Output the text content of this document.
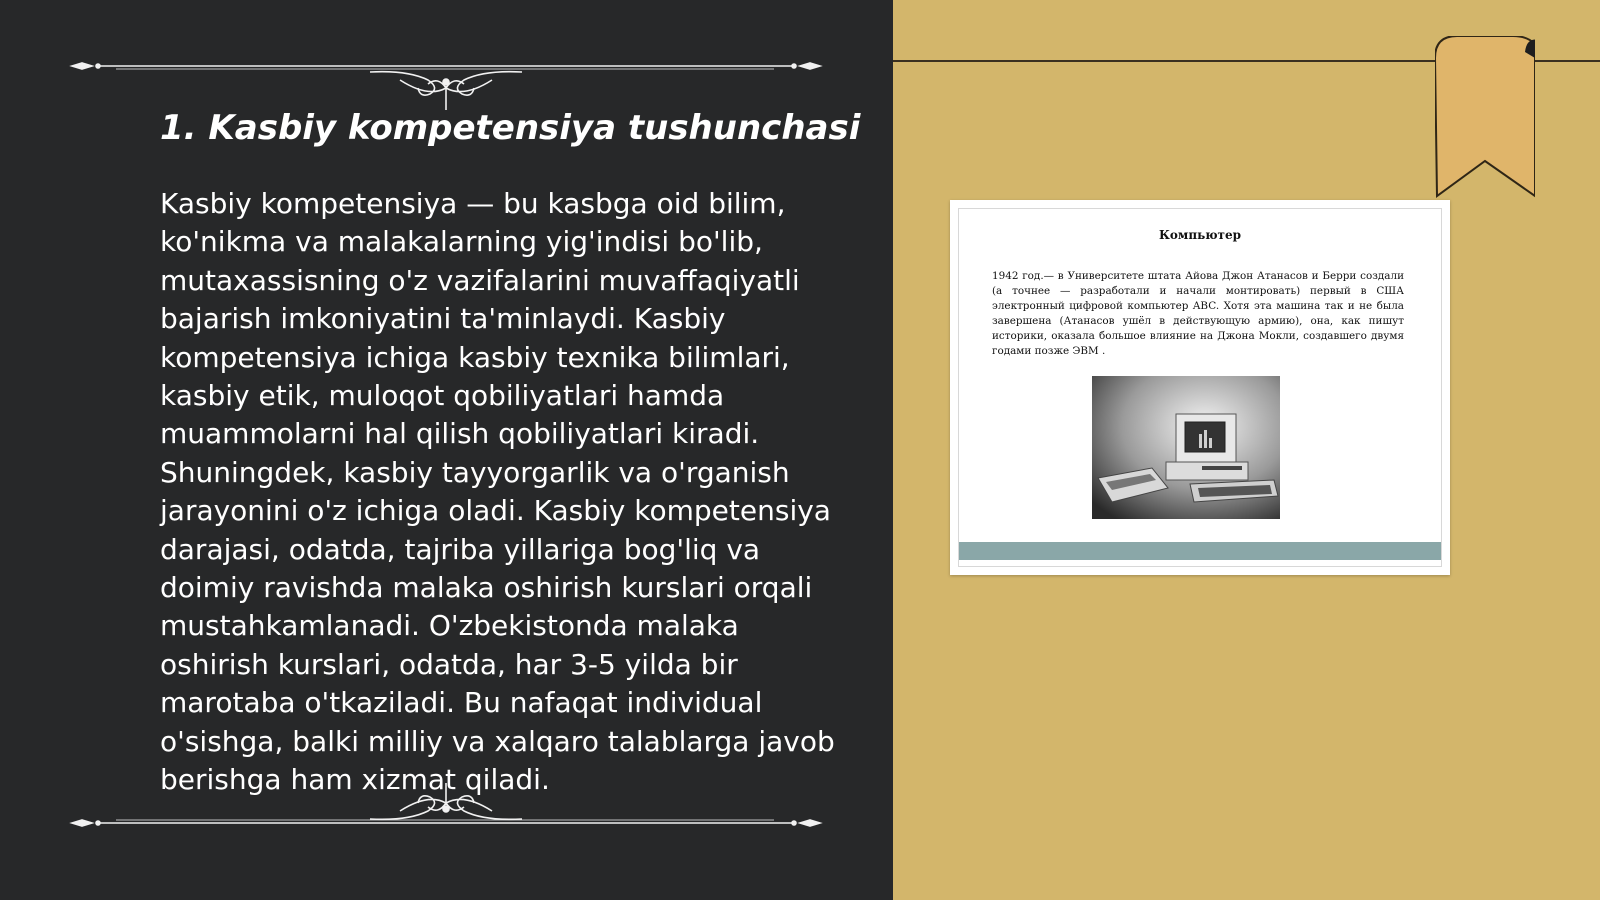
1. Kasbiy kompetensiya tushunchasi

Kasbiy kompetensiya — bu kasbga oid bilim, ko'nikma va malakalarning yig'indisi bo'lib, mutaxassisning o'z vazifalarini muvaffaqiyatli bajarish imkoniyatini ta'minlaydi. Kasbiy kompetensiya ichiga kasbiy texnika bilimlari, kasbiy etik, muloqot qobiliyatlari hamda muammolarni hal qilish qobiliyatlari kiradi. Shuningdek, kasbiy tayyorgarlik va o'rganish jarayonini o'z ichiga oladi. Kasbiy kompetensiya darajasi, odatda, tajriba yillariga bog'liq va doimiy ravishda malaka oshirish kurslari orqali mustahkamlanadi. O'zbekistonda malaka oshirish kurslari, odatda, har 3-5 yilda bir marotaba o'tkaziladi. Bu nafaqat individual o'sishga, balki milliy va xalqaro talablarga javob berishga ham xizmat qiladi.

Компьютер

1942 год.— в Университете штата Айова Джон Атанасов и Берри создали (а точнее — разработали и начали монтировать) первый в США электронный цифровой компьютер ABC. Хотя эта машина так и не была завершена (Атанасов ушёл в действующую армию), она, как пишут историки, оказала большое влияние на Джона Мокли, создавшего двумя годами позже ЭВМ .
